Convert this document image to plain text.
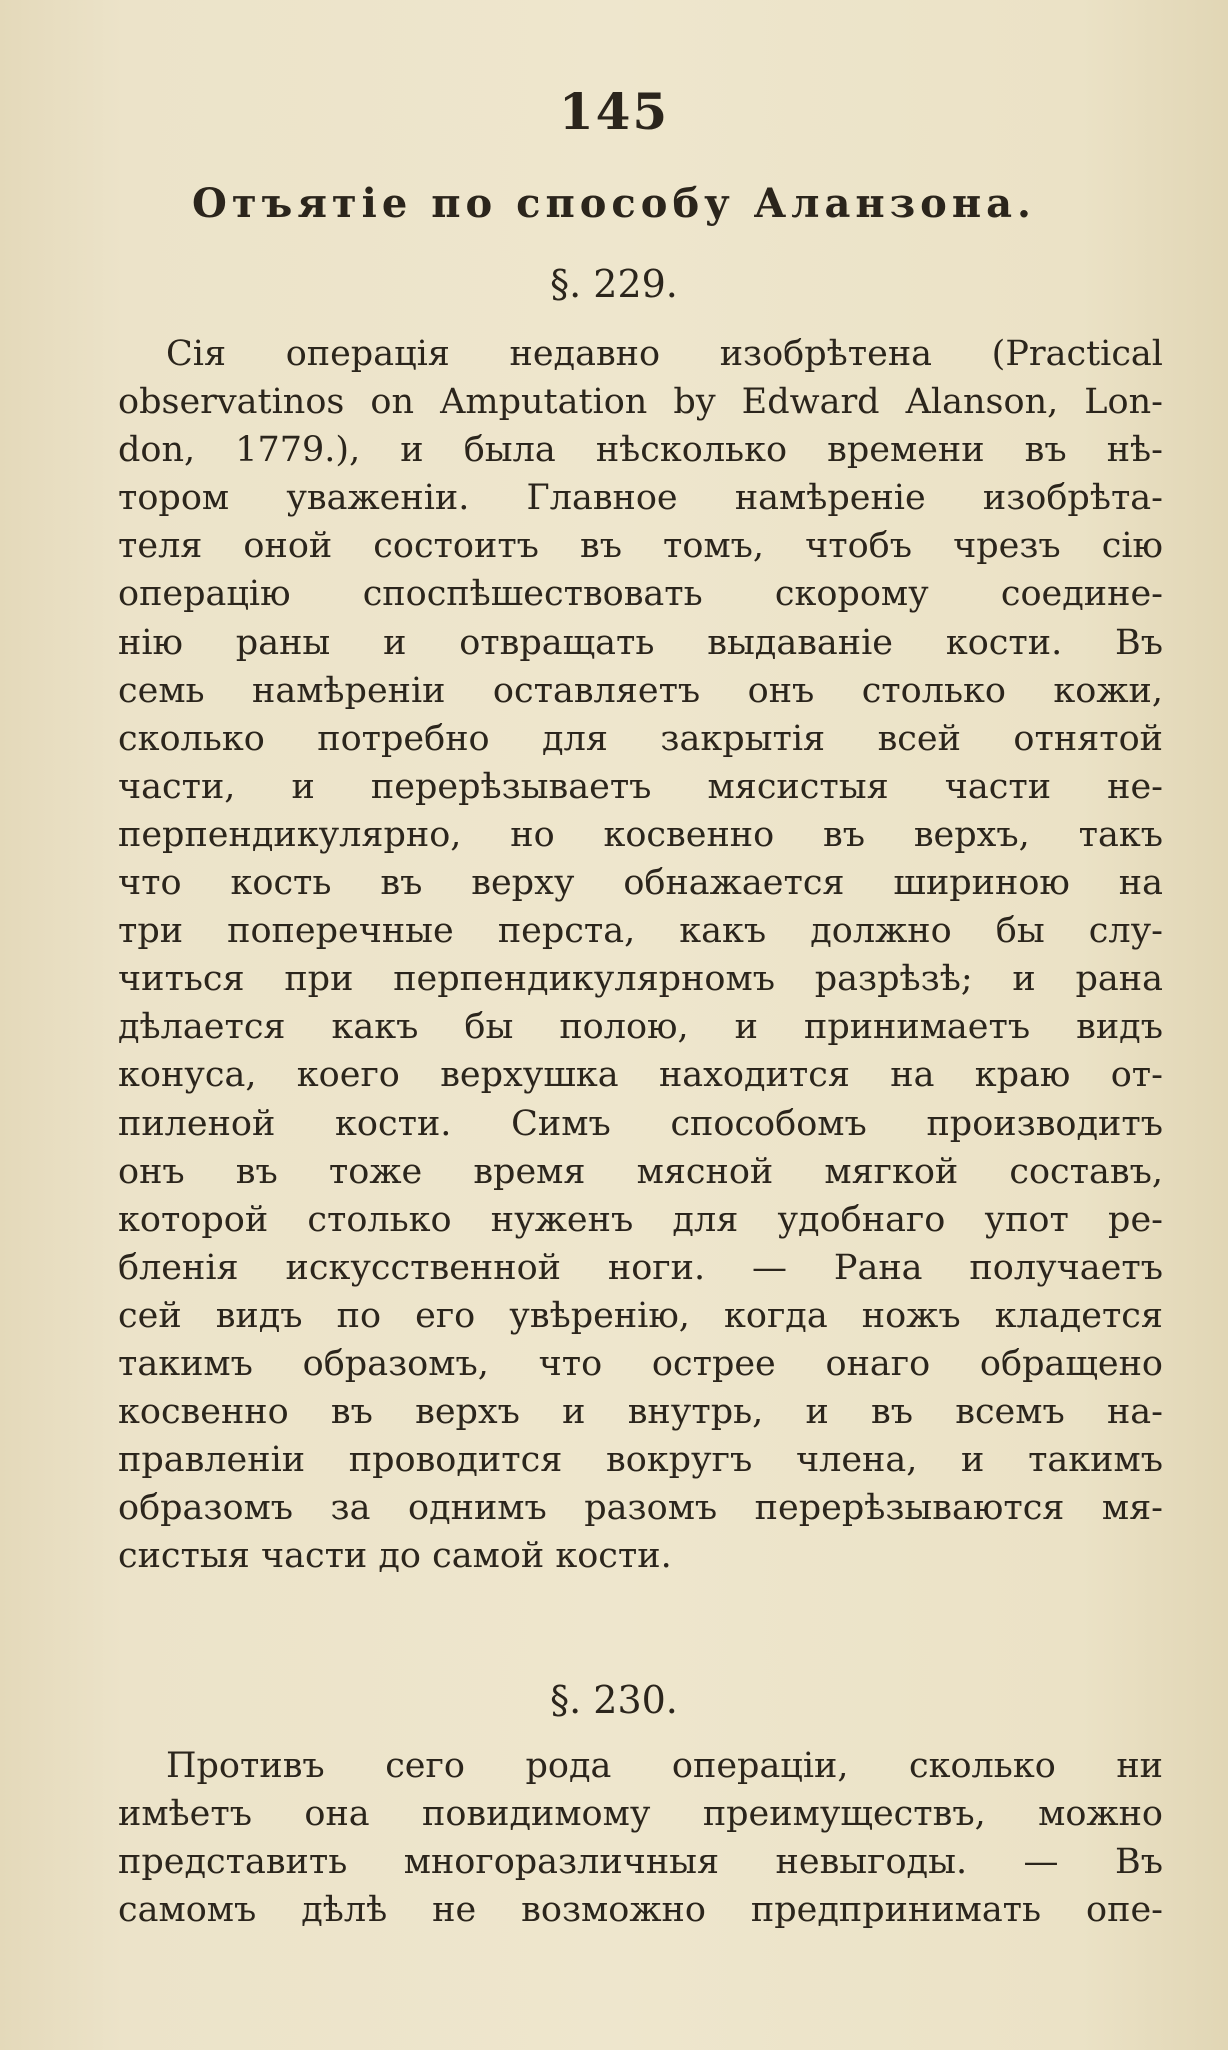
145
Отъятіе по способу Аланзона.
§. 229.
Сія операція недавно изобрѣтена (Practical
observatinos on Amputation by Edward Alanson, Lon-
don, 1779.), и была нѣсколько времени въ нѣ-
тором уваженіи. Главное намѣреніе изобрѣта-
теля оной состоитъ въ томъ, чтобъ чрезъ сію
операцію споспѣшествовать скорому соедине-
нію раны и отвращать выдаваніе кости. Въ
семь намѣреніи оставляетъ онъ столько кожи,
сколько потребно для закрытія всей отнятой
части, и перерѣзываетъ мясистыя части не-
перпендикулярно, но косвенно въ верхъ, такъ
что кость въ верху обнажается шириною на
три поперечные перста, какъ должно бы слу-
читься при перпендикулярномъ разрѣзѣ; и рана
дѣлается какъ бы полою, и принимаетъ видъ
конуса, коего верхушка находится на краю от-
пиленой кости. Симъ способомъ производитъ
онъ въ тоже время мясной мягкой составъ,
которой столько нуженъ для удобнаго упот ре-
бленія искусственной ноги. — Рана получаетъ
сей видъ по его увѣренію, когда ножъ кладется
такимъ образомъ, что острее онаго обращено
косвенно въ верхъ и внутрь, и въ всемъ на-
правленіи проводится вокругъ члена, и такимъ
образомъ за однимъ разомъ перерѣзываются мя-
систыя части до самой кости.
§. 230.
Противъ сего рода операціи, сколько ни
имѣетъ она повидимому преимуществъ, можно
представить многоразличныя невыгоды. — Въ
самомъ дѣлѣ не возможно предпринимать опе-
